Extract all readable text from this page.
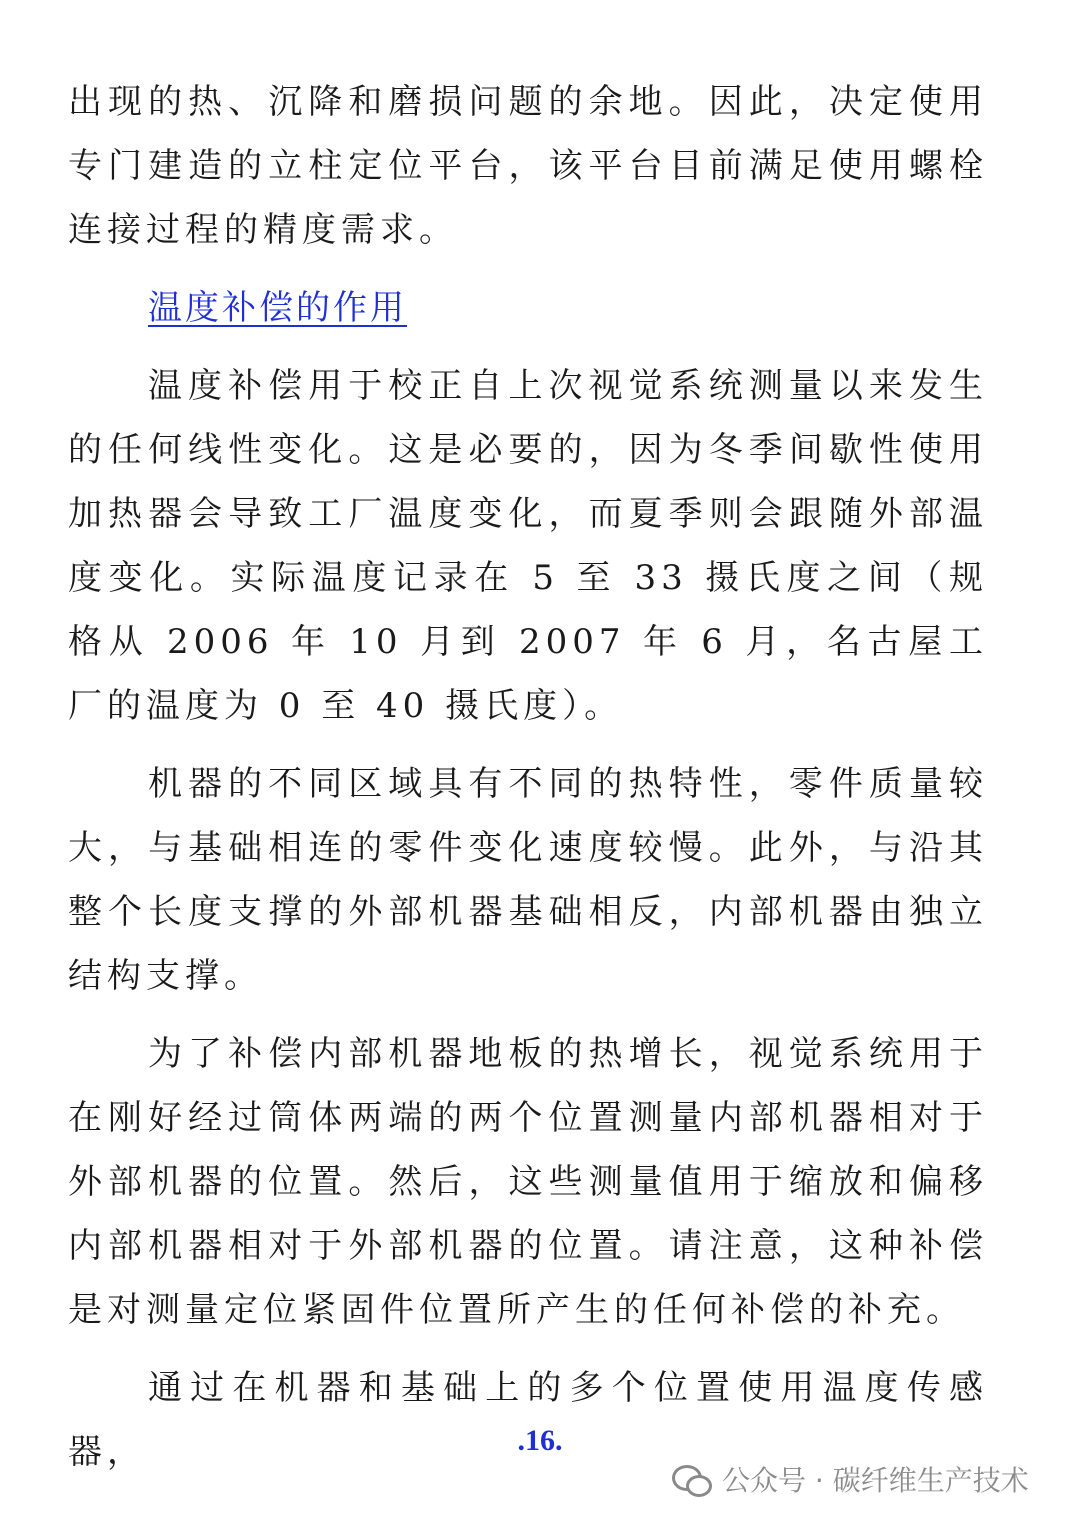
出现的热、沉降和磨损问题的余地。因此，决定使用专门建造的立柱定位平台，该平台目前满足使用螺栓连接过程的精度需求。

温度补偿的作用

温度补偿用于校正自上次视觉系统测量以来发生的任何线性变化。这是必要的，因为冬季间歇性使用加热器会导致工厂温度变化，而夏季则会跟随外部温度变化。实际温度记录在 5 至 33 摄氏度之间（规格从 2006 年 10 月到 2007 年 6 月，名古屋工厂的温度为 0 至 40 摄氏度）。

机器的不同区域具有不同的热特性，零件质量较大，与基础相连的零件变化速度较慢。此外，与沿其整个长度支撑的外部机器基础相反，内部机器由独立结构支撑。

为了补偿内部机器地板的热增长，视觉系统用于在刚好经过筒体两端的两个位置测量内部机器相对于外部机器的位置。然后，这些测量值用于缩放和偏移内部机器相对于外部机器的位置。请注意，这种补偿是对测量定位紧固件位置所产生的任何补偿的补充。

通过在机器和基础上的多个位置使用温度传感器，	.16.
公众号 · 碳纤维生产技术
